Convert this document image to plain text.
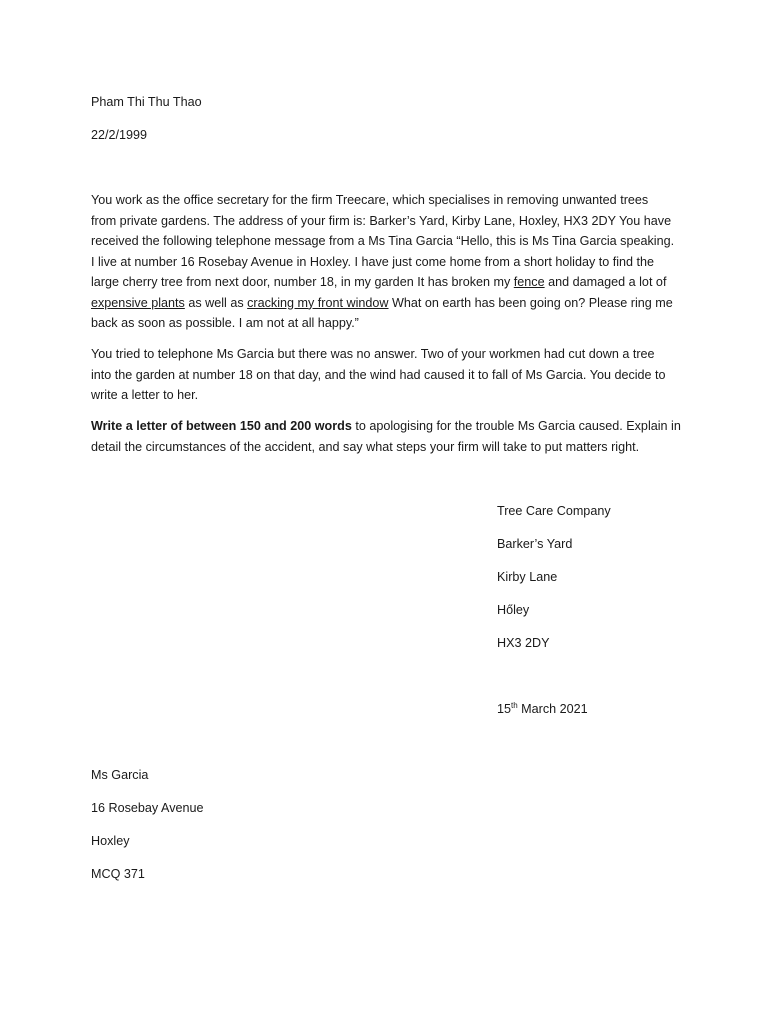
Pham Thi Thu Thao
22/2/1999

You work as the office secretary for the firm Treecare, which specialises in removing unwanted trees

from private gardens. The address of your firm is: Barker’s Yard, Kirby Lane, Hoxley, HX3 2DY You have

received the following telephone message from a Ms Tina Garcia “Hello, this is Ms Tina Garcia speaking.

I live at number 16 Rosebay Avenue in Hoxley. I have just come home from a short holiday to find the

large cherry tree from next door, number 18, in my garden It has broken my fence and damaged a lot of

expensive plants as well as cracking my front window What on earth has been going on? Please ring me

back as soon as possible. I am not at all happy.”

You tried to telephone Ms Garcia but there was no answer. Two of your workmen had cut down a tree

into the garden at number 18 on that day, and the wind had caused it to fall of Ms Garcia. You decide to

write a letter to her.

Write a letter of between 150 and 200 words to apologising for the trouble Ms Garcia caused. Explain in

detail the circumstances of the accident, and say what steps your firm will take to put matters right.

Tree Care Company
Barker’s Yard
Kirby Lane
Hőley
HX3 2DY
15th March 2021
Ms Garcia
16 Rosebay Avenue
Hoxley
MCQ 371
